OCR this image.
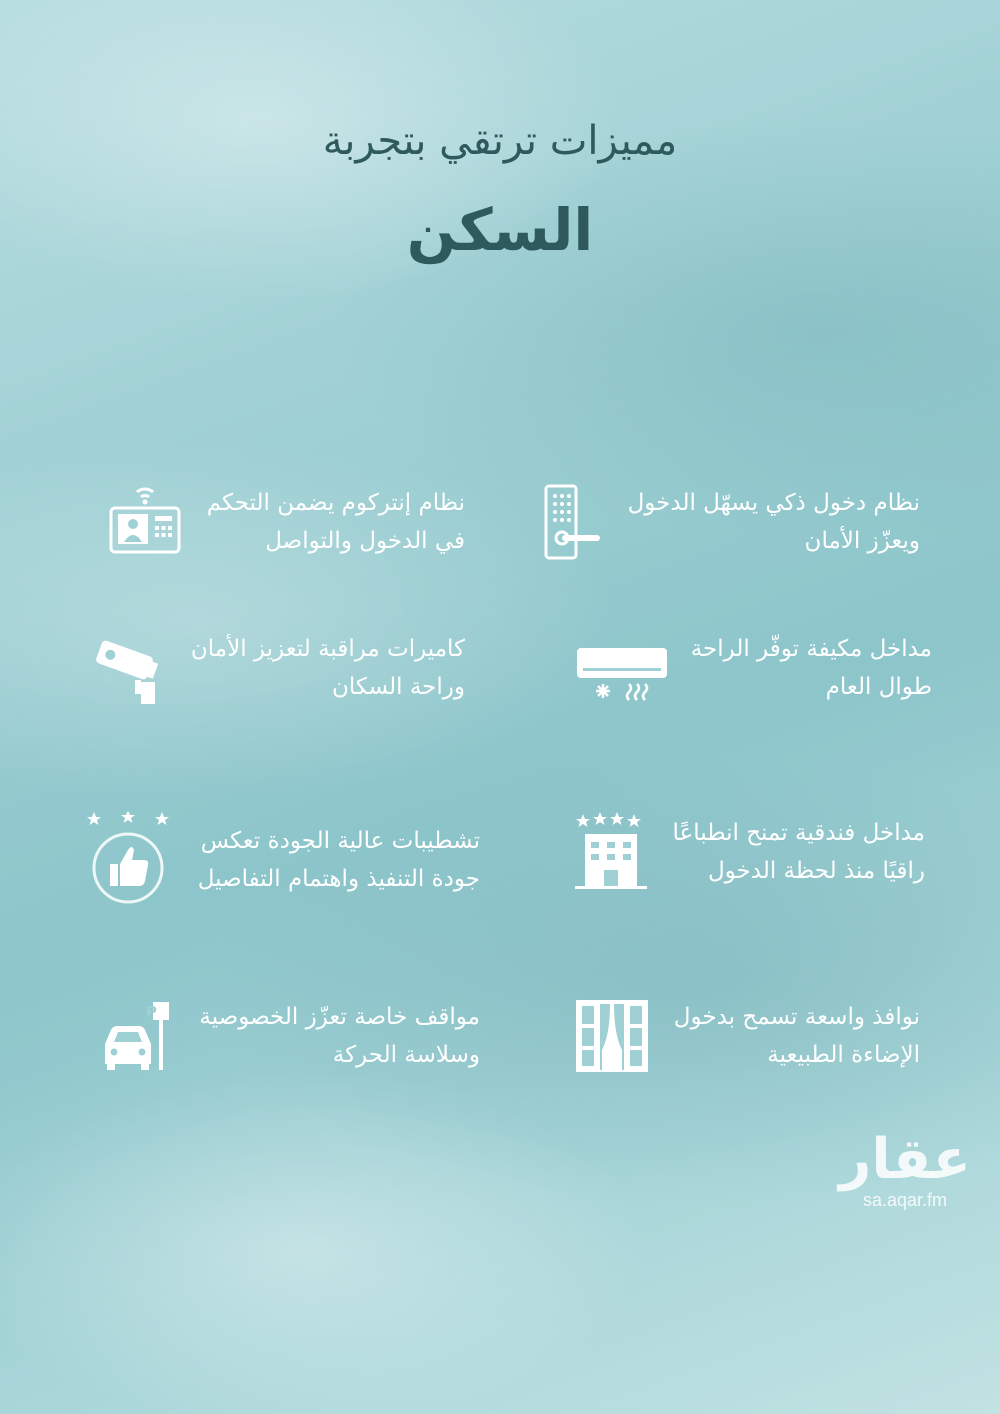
مميزات ترتقي بتجربة
السكن
نظام دخول ذكي يسهّل الدخول
ويعزّز الأمان
نظام إنتركوم يضمن التحكم
في الدخول والتواصل
مداخل مكيفة توفّر الراحة
طوال العام
كاميرات مراقبة لتعزيز الأمان
وراحة السكان
مداخل فندقية تمنح انطباعًا
راقيًا منذ لحظة الدخول
تشطيبات عالية الجودة تعكس
جودة التنفيذ واهتمام التفاصيل
نوافذ واسعة تسمح بدخول
الإضاءة الطبيعية
P مواقف خاصة تعزّز الخصوصية
وسلاسة الحركة
عقار
sa.aqar.fm
